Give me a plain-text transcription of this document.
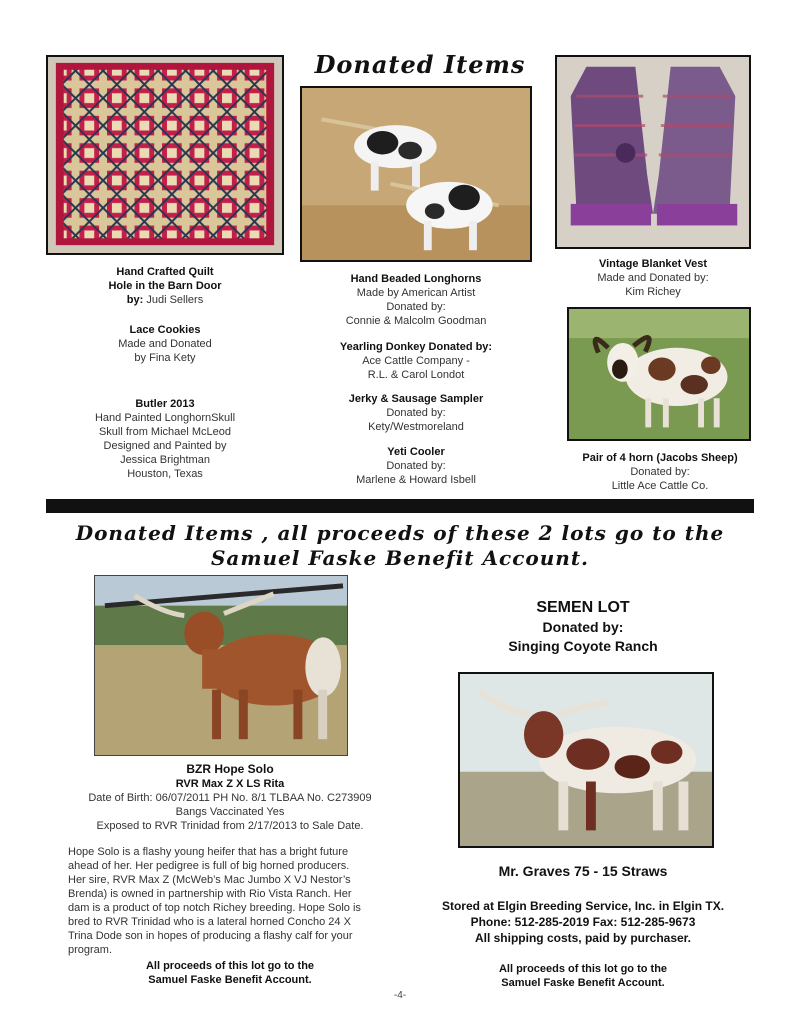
Donated Items
Hand Crafted Quilt
Hole in the Barn Door
by: Judi Sellers
Lace Cookies
Made and Donated
by Fina Kety
Butler 2013
Hand Painted LonghornSkull
Skull from Michael McLeod
Designed and Painted by
Jessica Brightman
Houston, Texas
Hand Beaded Longhorns
Made by American Artist
Donated by:
Connie & Malcolm Goodman
Yearling Donkey Donated by:
Ace Cattle Company -
R.L. & Carol Londot
Jerky & Sausage Sampler
Donated by:
Kety/Westmoreland
Yeti Cooler
Donated by:
Marlene & Howard Isbell
Vintage Blanket Vest
Made and Donated by:
Kim Richey
Pair of 4 horn (Jacobs Sheep)
Donated by:
Little Ace Cattle Co.
Donated Items , all proceeds of these 2 lots go to the
Samuel Faske Benefit Account.
BZR Hope Solo
RVR Max Z X LS Rita
Date of Birth: 06/07/2011 PH No. 8/1 TLBAA No. C273909
Bangs Vaccinated Yes
Exposed to RVR Trinidad from 2/17/2013 to Sale Date.
Hope Solo is a flashy young heifer that has a bright future
ahead of her. Her pedigree is full of big horned producers.
Her sire, RVR Max Z (McWeb’s Mac Jumbo X VJ Nestor’s
Brenda) is owned in partnership with Rio Vista Ranch. Her
dam is a product of top notch Richey breeding. Hope Solo is
bred to RVR Trinidad who is a lateral horned Concho 24 X
Trina Dode son in hopes of producing a flashy calf for your
program.
All proceeds of this lot go to the
Samuel Faske Benefit Account.
SEMEN LOT
Donated by:
Singing Coyote Ranch
Mr. Graves 75 - 15 Straws
Stored at Elgin Breeding Service, Inc. in Elgin TX.
Phone: 512-285-2019 Fax: 512-285-9673
All shipping costs, paid by purchaser.
All proceeds of this lot go to the
Samuel Faske Benefit Account.
-4-
